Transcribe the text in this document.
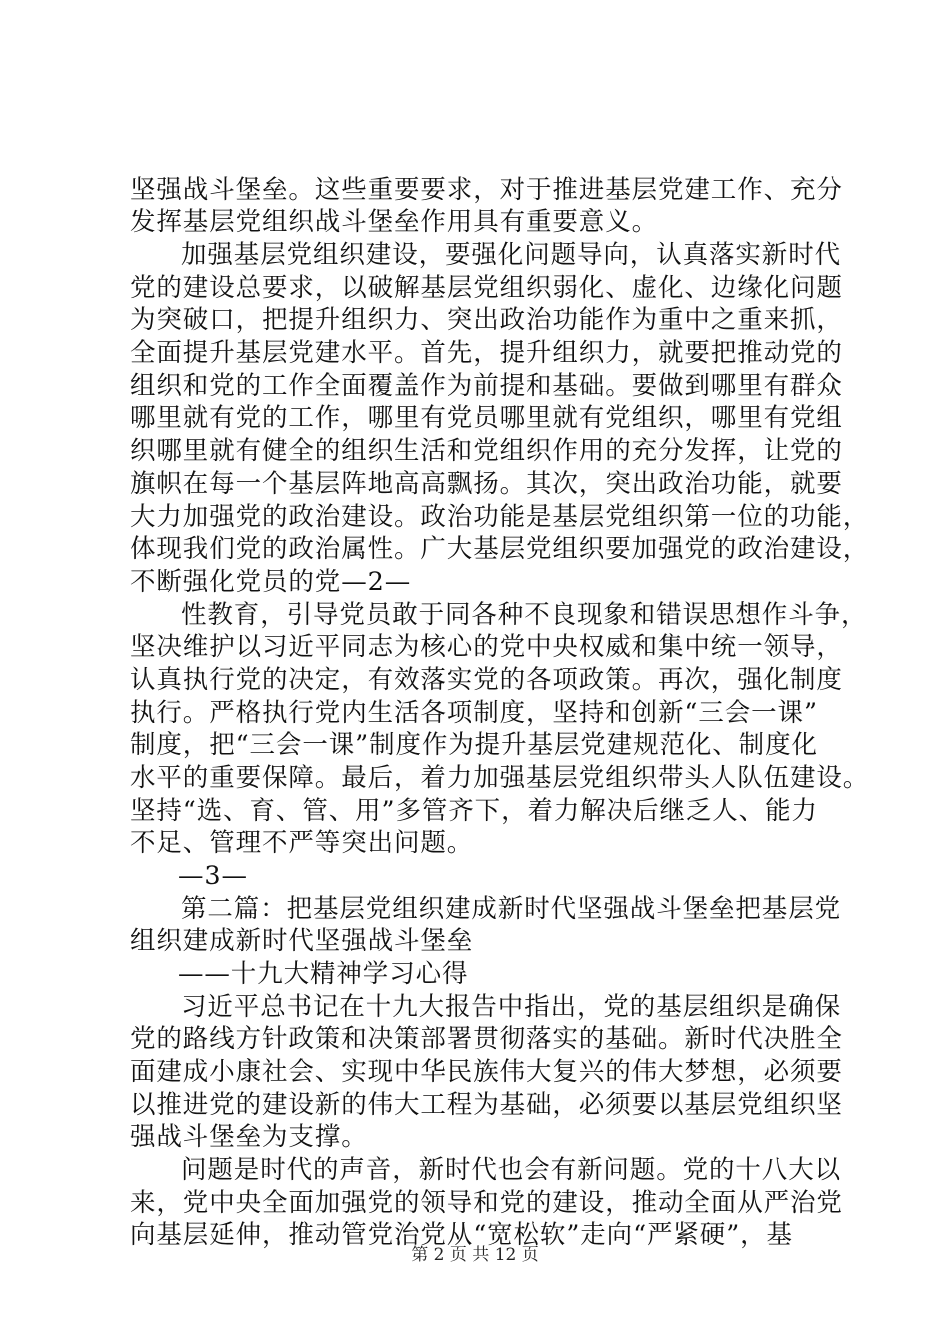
坚强战斗堡垒。这些重要要求，对于推进基层党建工作、充分
发挥基层党组织战斗堡垒作用具有重要意义。
加强基层党组织建设，要强化问题导向，认真落实新时代
党的建设总要求，以破解基层党组织弱化、虚化、边缘化问题
为突破口，把提升组织力、突出政治功能作为重中之重来抓，
全面提升基层党建水平。首先，提升组织力，就要把推动党的
组织和党的工作全面覆盖作为前提和基础。要做到哪里有群众
哪里就有党的工作，哪里有党员哪里就有党组织，哪里有党组
织哪里就有健全的组织生活和党组织作用的充分发挥，让党的
旗帜在每一个基层阵地高高飘扬。其次，突出政治功能，就要
大力加强党的政治建设。政治功能是基层党组织第一位的功能，
体现我们党的政治属性。广大基层党组织要加强党的政治建设，
不断强化党员的党—2—
性教育，引导党员敢于同各种不良现象和错误思想作斗争，
坚决维护以习近平同志为核心的党中央权威和集中统一领导，
认真执行党的决定，有效落实党的各项政策。再次，强化制度
执行。严格执行党内生活各项制度，坚持和创新“三会一课”
制度，把“三会一课”制度作为提升基层党建规范化、制度化
水平的重要保障。最后，着力加强基层党组织带头人队伍建设。
坚持“选、育、管、用”多管齐下，着力解决后继乏人、能力
不足、管理不严等突出问题。
—3—
第二篇：把基层党组织建成新时代坚强战斗堡垒把基层党
组织建成新时代坚强战斗堡垒
——十九大精神学习心得
习近平总书记在十九大报告中指出，党的基层组织是确保
党的路线方针政策和决策部署贯彻落实的基础。新时代决胜全
面建成小康社会、实现中华民族伟大复兴的伟大梦想，必须要
以推进党的建设新的伟大工程为基础，必须要以基层党组织坚
强战斗堡垒为支撑。
问题是时代的声音，新时代也会有新问题。党的十八大以
来，党中央全面加强党的领导和党的建设，推动全面从严治党
向基层延伸，推动管党治党从“宽松软”走向“严紧硬”，基
第 2 页 共 12 页
